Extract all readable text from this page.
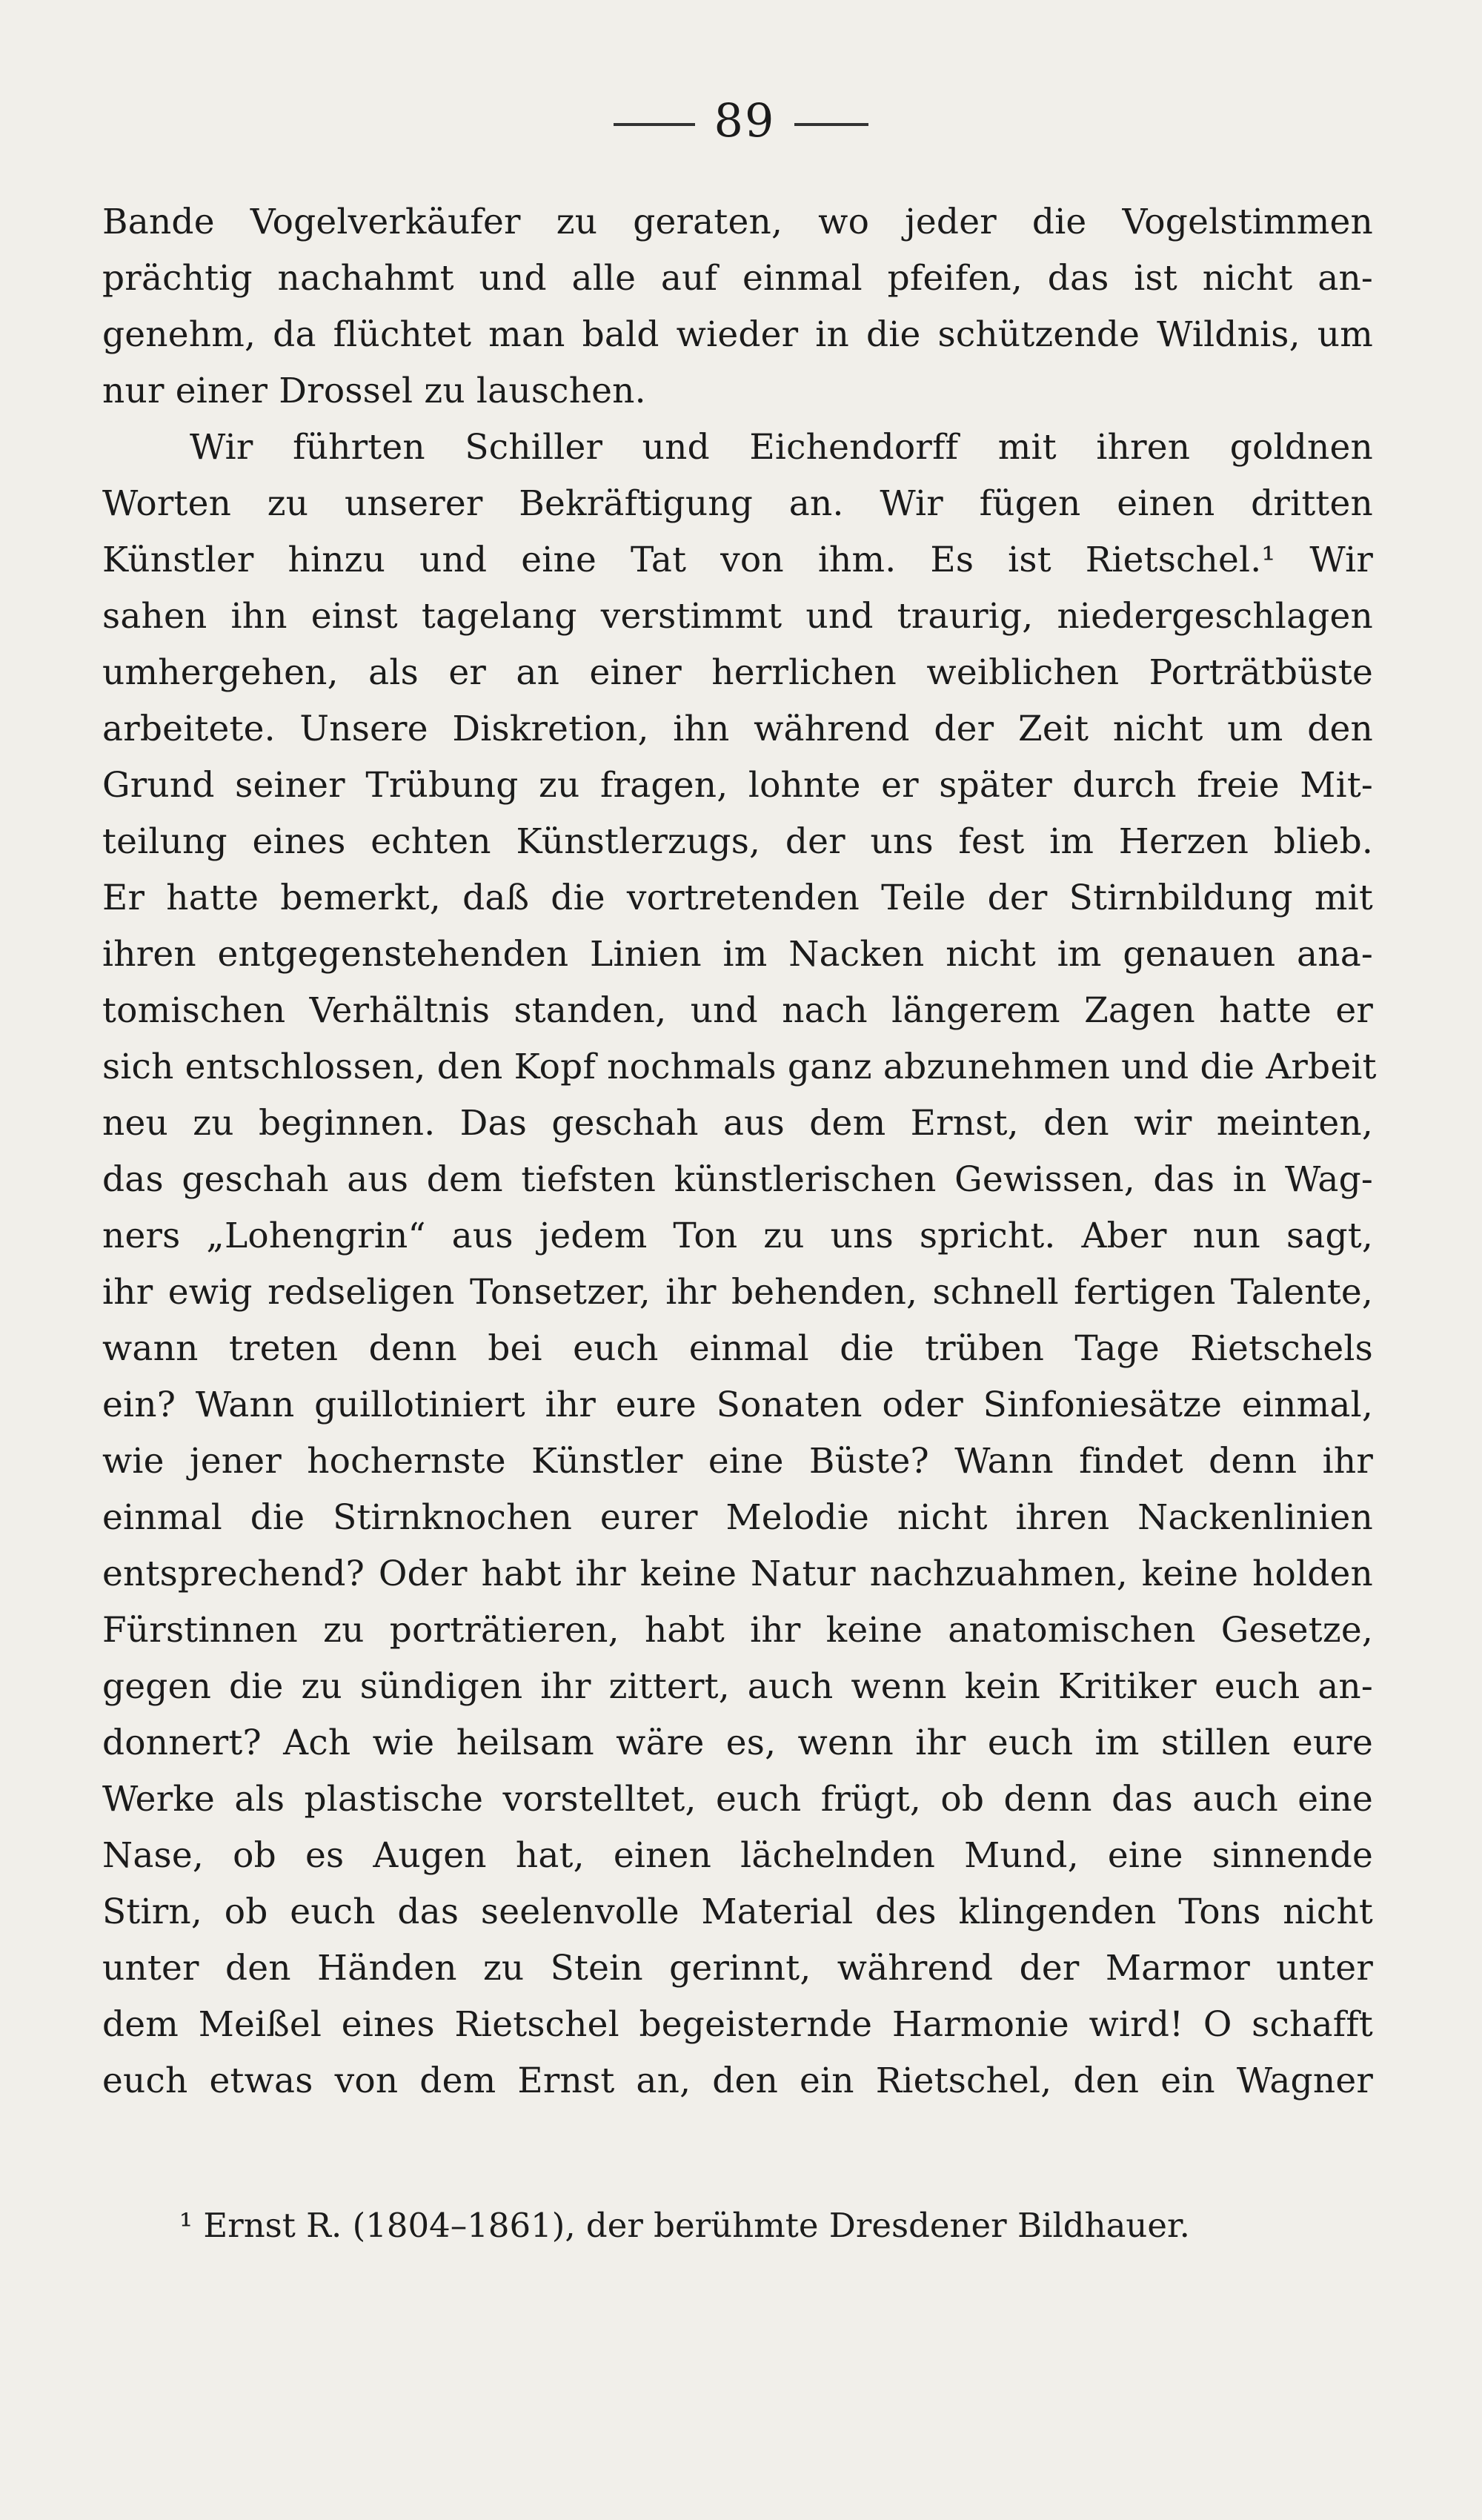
89
Bande Vogelverkäufer zu geraten, wo jeder die Vogelstimmen
prächtig nachahmt und alle auf einmal pfeifen, das ist nicht an-
genehm, da flüchtet man bald wieder in die schützende Wildnis, um
nur einer Drossel zu lauschen.
Wir führten Schiller und Eichendorff mit ihren goldnen
Worten zu unserer Bekräftigung an. Wir fügen einen dritten
Künstler hinzu und eine Tat von ihm. Es ist Rietschel.¹ Wir
sahen ihn einst tagelang verstimmt und traurig, niedergeschlagen
umhergehen, als er an einer herrlichen weiblichen Porträtbüste
arbeitete. Unsere Diskretion, ihn während der Zeit nicht um den
Grund seiner Trübung zu fragen, lohnte er später durch freie Mit-
teilung eines echten Künstlerzugs, der uns fest im Herzen blieb.
Er hatte bemerkt, daß die vortretenden Teile der Stirnbildung mit
ihren entgegenstehenden Linien im Nacken nicht im genauen ana-
tomischen Verhältnis standen, und nach längerem Zagen hatte er
sich entschlossen, den Kopf nochmals ganz abzunehmen und die Arbeit
neu zu beginnen. Das geschah aus dem Ernst, den wir meinten,
das geschah aus dem tiefsten künstlerischen Gewissen, das in Wag-
ners „Lohengrin“ aus jedem Ton zu uns spricht. Aber nun sagt,
ihr ewig redseligen Tonsetzer, ihr behenden, schnell fertigen Talente,
wann treten denn bei euch einmal die trüben Tage Rietschels
ein? Wann guillotiniert ihr eure Sonaten oder Sinfoniesätze einmal,
wie jener hochernste Künstler eine Büste? Wann findet denn ihr
einmal die Stirnknochen eurer Melodie nicht ihren Nackenlinien
entsprechend? Oder habt ihr keine Natur nachzuahmen, keine holden
Fürstinnen zu porträtieren, habt ihr keine anatomischen Gesetze,
gegen die zu sündigen ihr zittert, auch wenn kein Kritiker euch an-
donnert? Ach wie heilsam wäre es, wenn ihr euch im stillen eure
Werke als plastische vorstelltet, euch frügt, ob denn das auch eine
Nase, ob es Augen hat, einen lächelnden Mund, eine sinnende
Stirn, ob euch das seelenvolle Material des klingenden Tons nicht
unter den Händen zu Stein gerinnt, während der Marmor unter
dem Meißel eines Rietschel begeisternde Harmonie wird! O schafft
euch etwas von dem Ernst an, den ein Rietschel, den ein Wagner
¹ Ernst R. (1804–1861), der berühmte Dresdener Bildhauer.
